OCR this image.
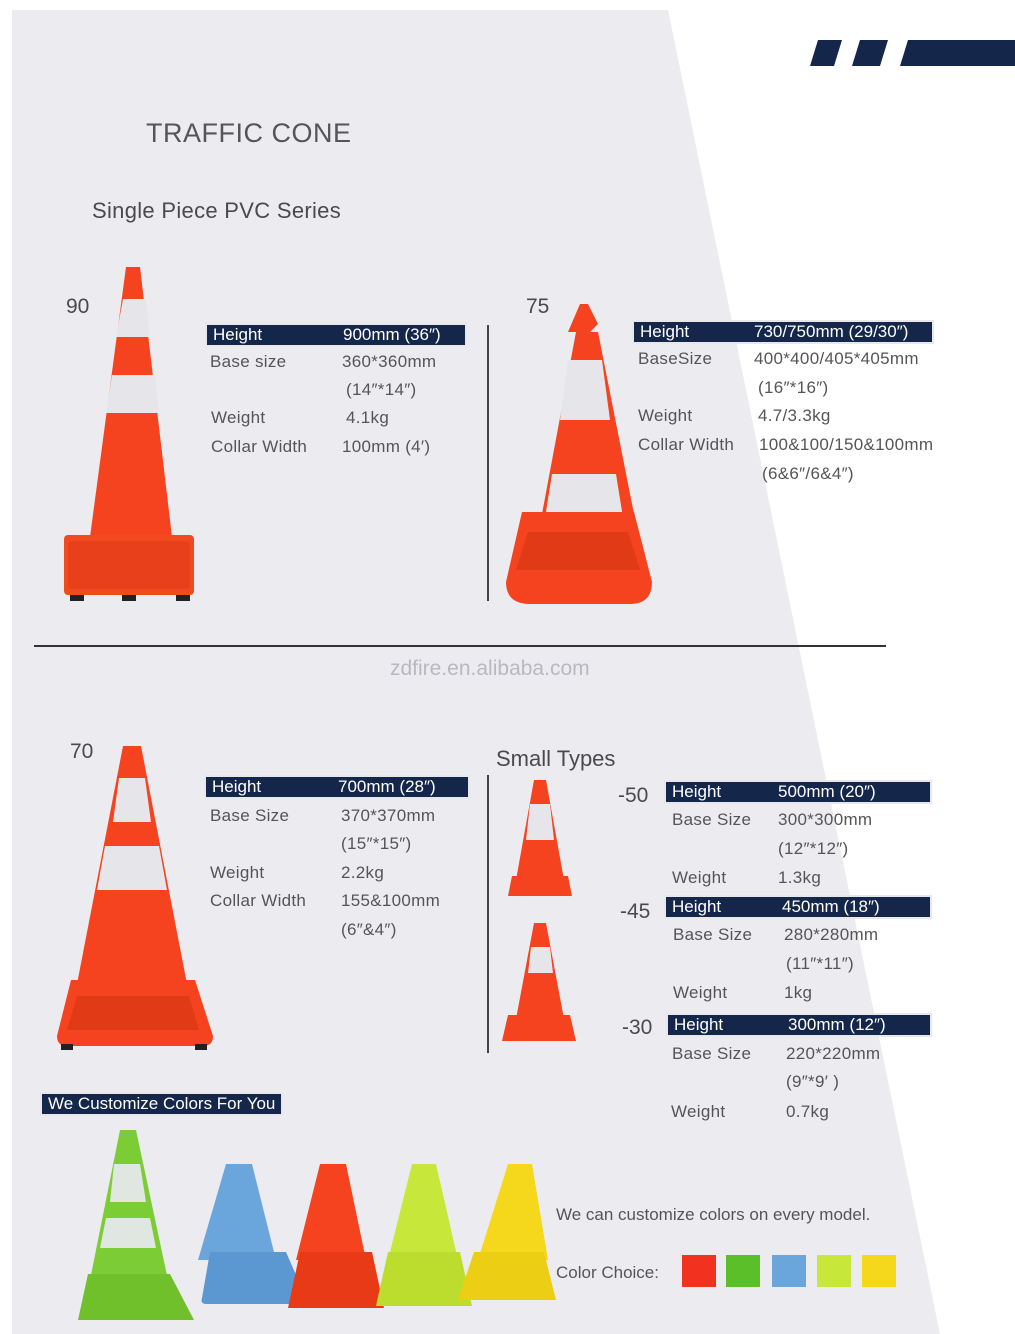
TRAFFIC CONE
Single Piece PVC Series
90
Height	900mm (36″)
Base size	360*360mm
(14″*14″)
Weight	4.1kg
Collar Width 100mm (4′)
75
Height	730/750mm (29/30″)
BaseSize 400*400/405*405mm
(16″*16″)
Weight	4.7/3.3kg
Collar Width 100&100/150&100mm
(6&6″/6&4″)
zdfire.en.alibaba.com
70
Height	700mm (28″)
Base Size	370*370mm
(15″*15″)
Weight	2.2kg
Collar Width 155&100mm
(6″&4″)
Small Types
-50 Height	500mm (20″)
Base Size 300*300mm
(12″*12″)
Weight	1.3kg
-45 Height	450mm (18″)
Base Size 280*280mm
(11″*11″)
Weight	1kg
-30 Height	300mm (12″)
Base Size 220*220mm
(9″*9′ )
Weight	0.7kg
We Customize Colors For You
We can customize colors on every model.
Color Choice:
